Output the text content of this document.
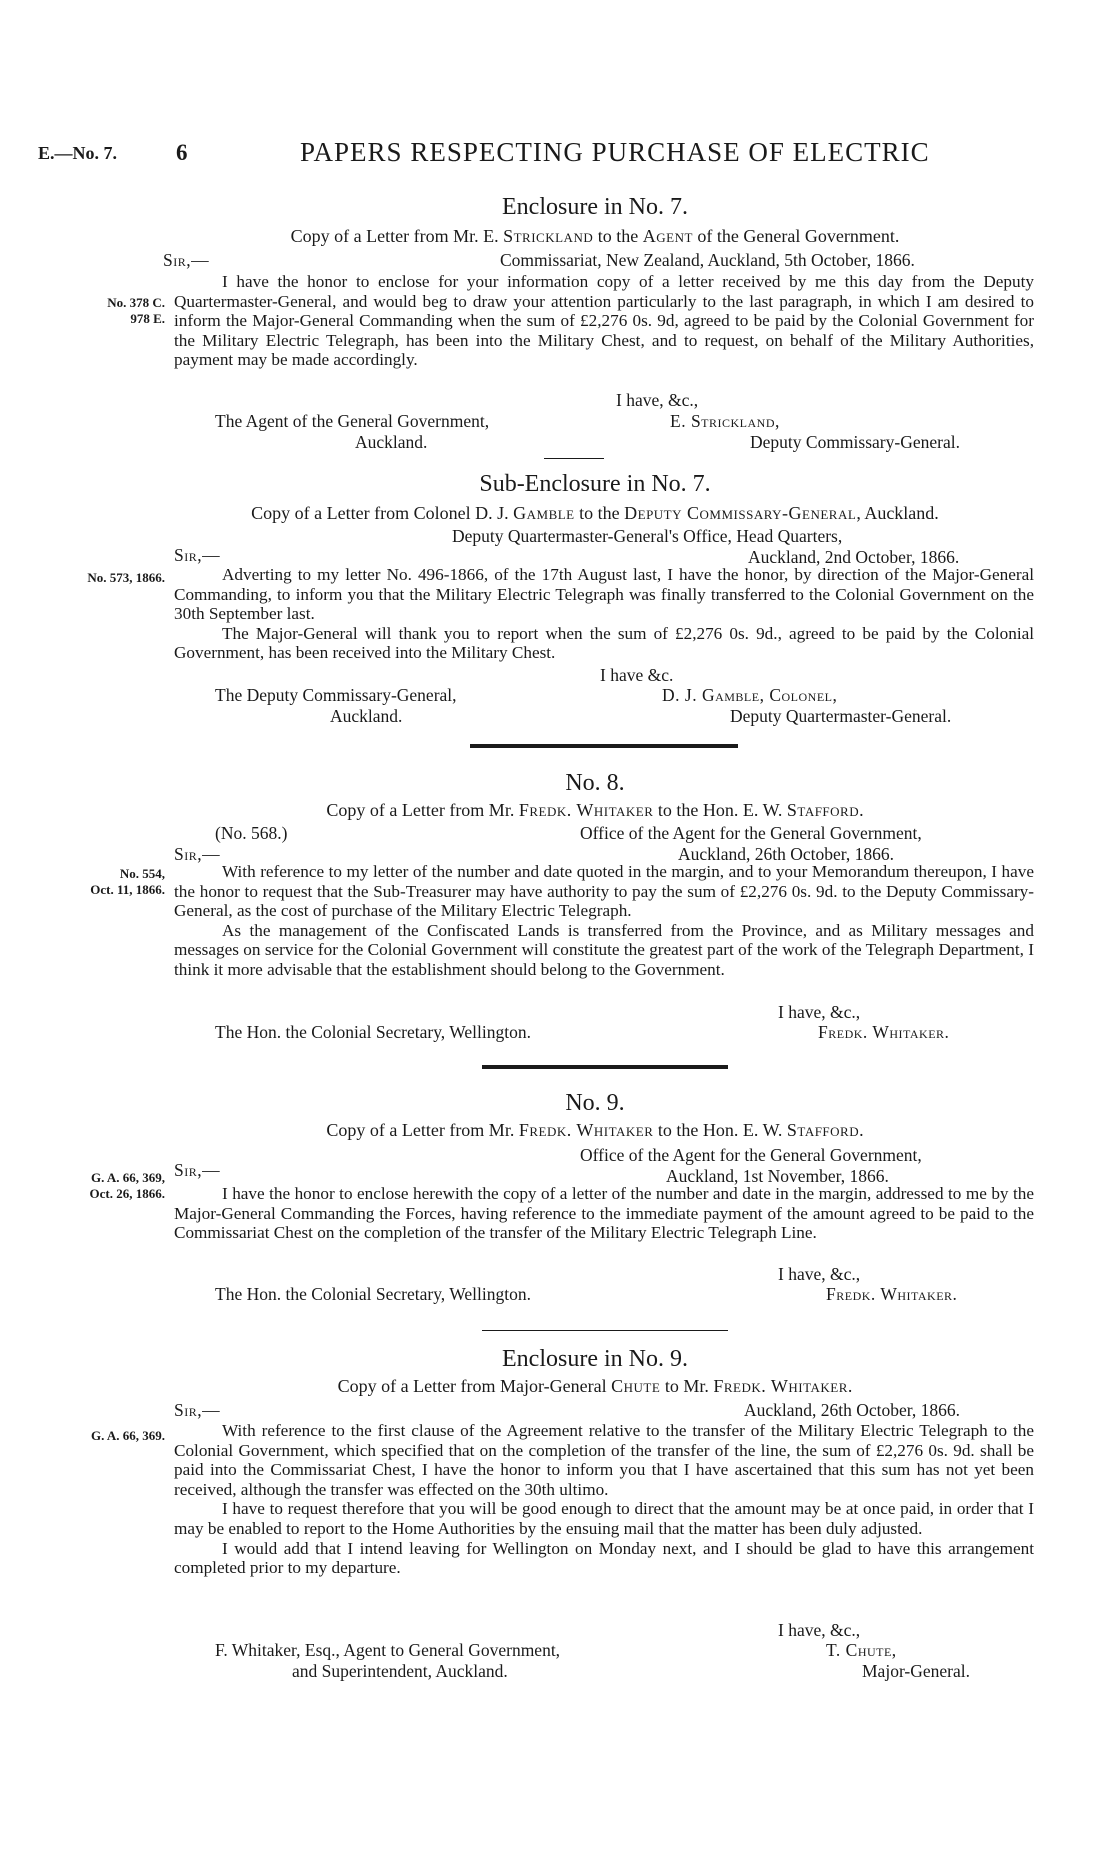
E.—No. 7.	6	PAPERS RESPECTING PURCHASE OF ELECTRIC
Enclosure in No. 7.
Copy of a Letter from Mr. E. Strickland to the Agent of the General Government.
Sir,—	Commissariat, New Zealand, Auckland, 5th October, 1866.
No. 378 C.
978 E.
I have the honor to enclose for your information copy of a letter received by me this day from the Deputy Quartermaster-General, and would beg to draw your attention particularly to the last paragraph, in which I am desired to inform the Major-General Commanding when the sum of £2,276 0s. 9d, agreed to be paid by the Colonial Government for the Military Electric Telegraph, has been into the Military Chest, and to request, on behalf of the Military Authorities, payment may be made accordingly.
I have, &c.,
The Agent of the General Government,
Auckland.
E. Strickland,
Deputy Commissary-General.
Sub-Enclosure in No. 7.
Copy of a Letter from Colonel D. J. Gamble to the Deputy Commissary-General, Auckland.
Deputy Quartermaster-General's Office, Head Quarters,
Auckland, 2nd October, 1866.
Sir,—
No. 573, 1866.	Adverting to my letter No. 496-1866, of the 17th August last, I have the honor, by direction of the Major-General Commanding, to inform you that the Military Electric Telegraph was finally transferred to the Colonial Government on the 30th September last.
The Major-General will thank you to report when the sum of £2,276 0s. 9d., agreed to be paid by the Colonial Government, has been received into the Military Chest.
I have &c.
The Deputy Commissary-General,
Auckland.
D. J. Gamble, Colonel,
Deputy Quartermaster-General.
No. 8.
Copy of a Letter from Mr. Fredk. Whitaker to the Hon. E. W. Stafford.
(No. 568.)	Office of the Agent for the General Government,
Auckland, 26th October, 1866.
Sir,—
No. 554,
Oct. 11, 1866.
With reference to my letter of the number and date quoted in the margin, and to your Memorandum thereupon, I have the honor to request that the Sub-Treasurer may have authority to pay the sum of £2,276 0s. 9d. to the Deputy Commissary-General, as the cost of purchase of the Military Electric Telegraph.
As the management of the Confiscated Lands is transferred from the Province, and as Military messages and messages on service for the Colonial Government will constitute the greatest part of the work of the Telegraph Department, I think it more advisable that the establishment should belong to the Government.
I have, &c.,
The Hon. the Colonial Secretary, Wellington.	Fredk. Whitaker.
No. 9.
Copy of a Letter from Mr. Fredk. Whitaker to the Hon. E. W. Stafford.
Office of the Agent for the General Government,
Auckland, 1st November, 1866.
Sir,—
G. A. 66, 369,
Oct. 26, 1866.	I have the honor to enclose herewith the copy of a letter of the number and date in the margin, addressed to me by the Major-General Commanding the Forces, having reference to the immediate payment of the amount agreed to be paid to the Commissariat Chest on the completion of the transfer of the Military Electric Telegraph Line.
I have, &c.,
The Hon. the Colonial Secretary, Wellington.	Fredk. Whitaker.
Enclosure in No. 9.
Copy of a Letter from Major-General Chute to Mr. Fredk. Whitaker.
Sir,—	Auckland, 26th October, 1866.
G. A. 66, 369.	With reference to the first clause of the Agreement relative to the transfer of the Military Electric Telegraph to the Colonial Government, which specified that on the completion of the transfer of the line, the sum of £2,276 0s. 9d. shall be paid into the Commissariat Chest, I have the honor to inform you that I have ascertained that this sum has not yet been received, although the transfer was effected on the 30th ultimo.
I have to request therefore that you will be good enough to direct that the amount may be at once paid, in order that I may be enabled to report to the Home Authorities by the ensuing mail that the matter has been duly adjusted.
I would add that I intend leaving for Wellington on Monday next, and I should be glad to have this arrangement completed prior to my departure.
I have, &c.,
F. Whitaker, Esq., Agent to General Government,
and Superintendent, Auckland.
T. Chute,
Major-General.
